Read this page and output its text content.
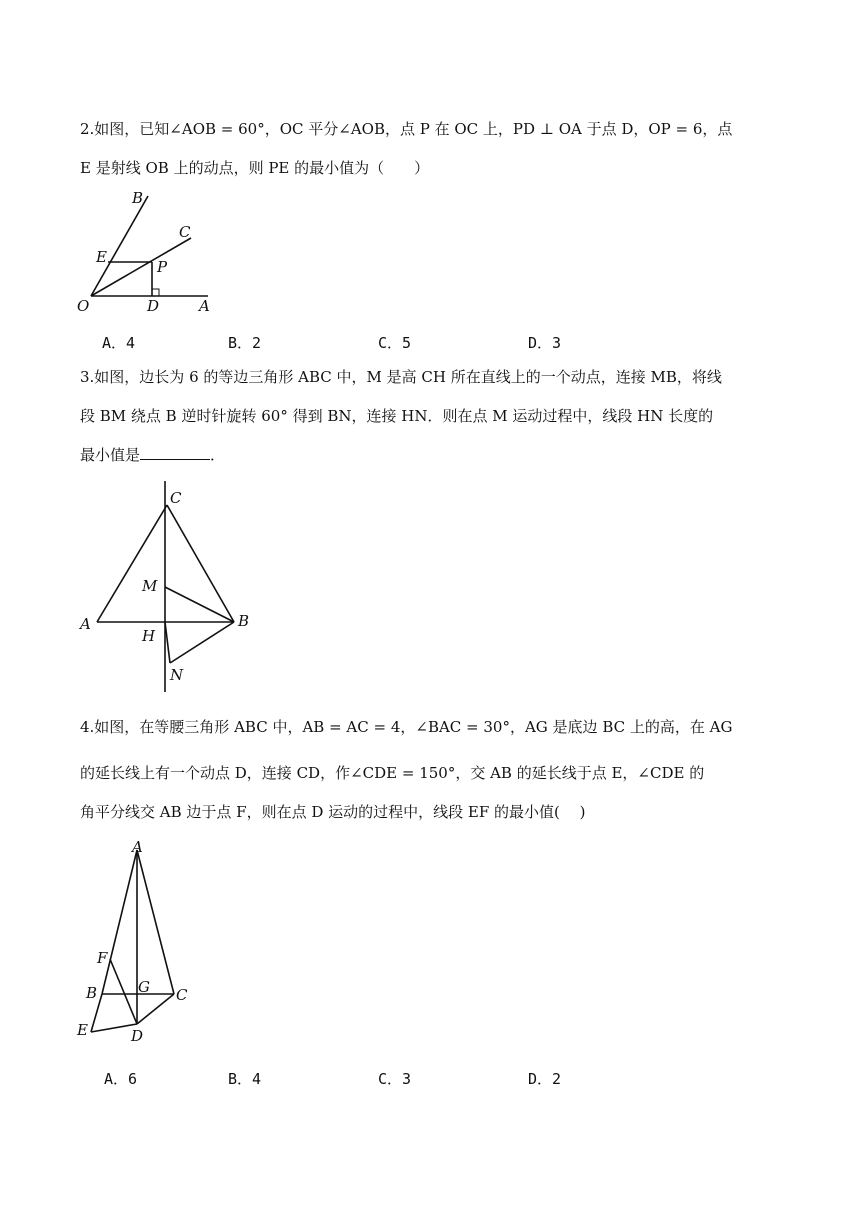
2.如图，已知∠AOB = 60°，OC 平分∠AOB，点 P 在 OC 上，PD ⊥ OA 于点 D，OP = 6，点
E 是射线 OB 上的动点，则 PE 的最小值为（　　）
B
C
E
P
O	D	A
A．4	B．2	C．5	D．3
3.如图，边长为 6 的等边三角形 ABC 中，M 是高 CH 所在直线上的一个动点，连接 MB，将线
段 BM 绕点 B 逆时针旋转 60° 得到 BN，连接 HN．则在点 M 运动过程中，线段 HN 长度的
最小值是	．
C
M
A
H
B
N
4.如图，在等腰三角形 ABC 中，AB = AC = 4，∠BAC = 30°，AG 是底边 BC 上的高，在 AG
的延长线上有一个动点 D，连接 CD，作∠CDE = 150°，交 AB 的延长线于点 E，∠CDE 的
角平分线交 AB 边于点 F，则在点 D 运动的过程中，线段 EF 的最小值(　 )
A
F
B	G C
E	D
A．6	B．4	C．3	D．2
